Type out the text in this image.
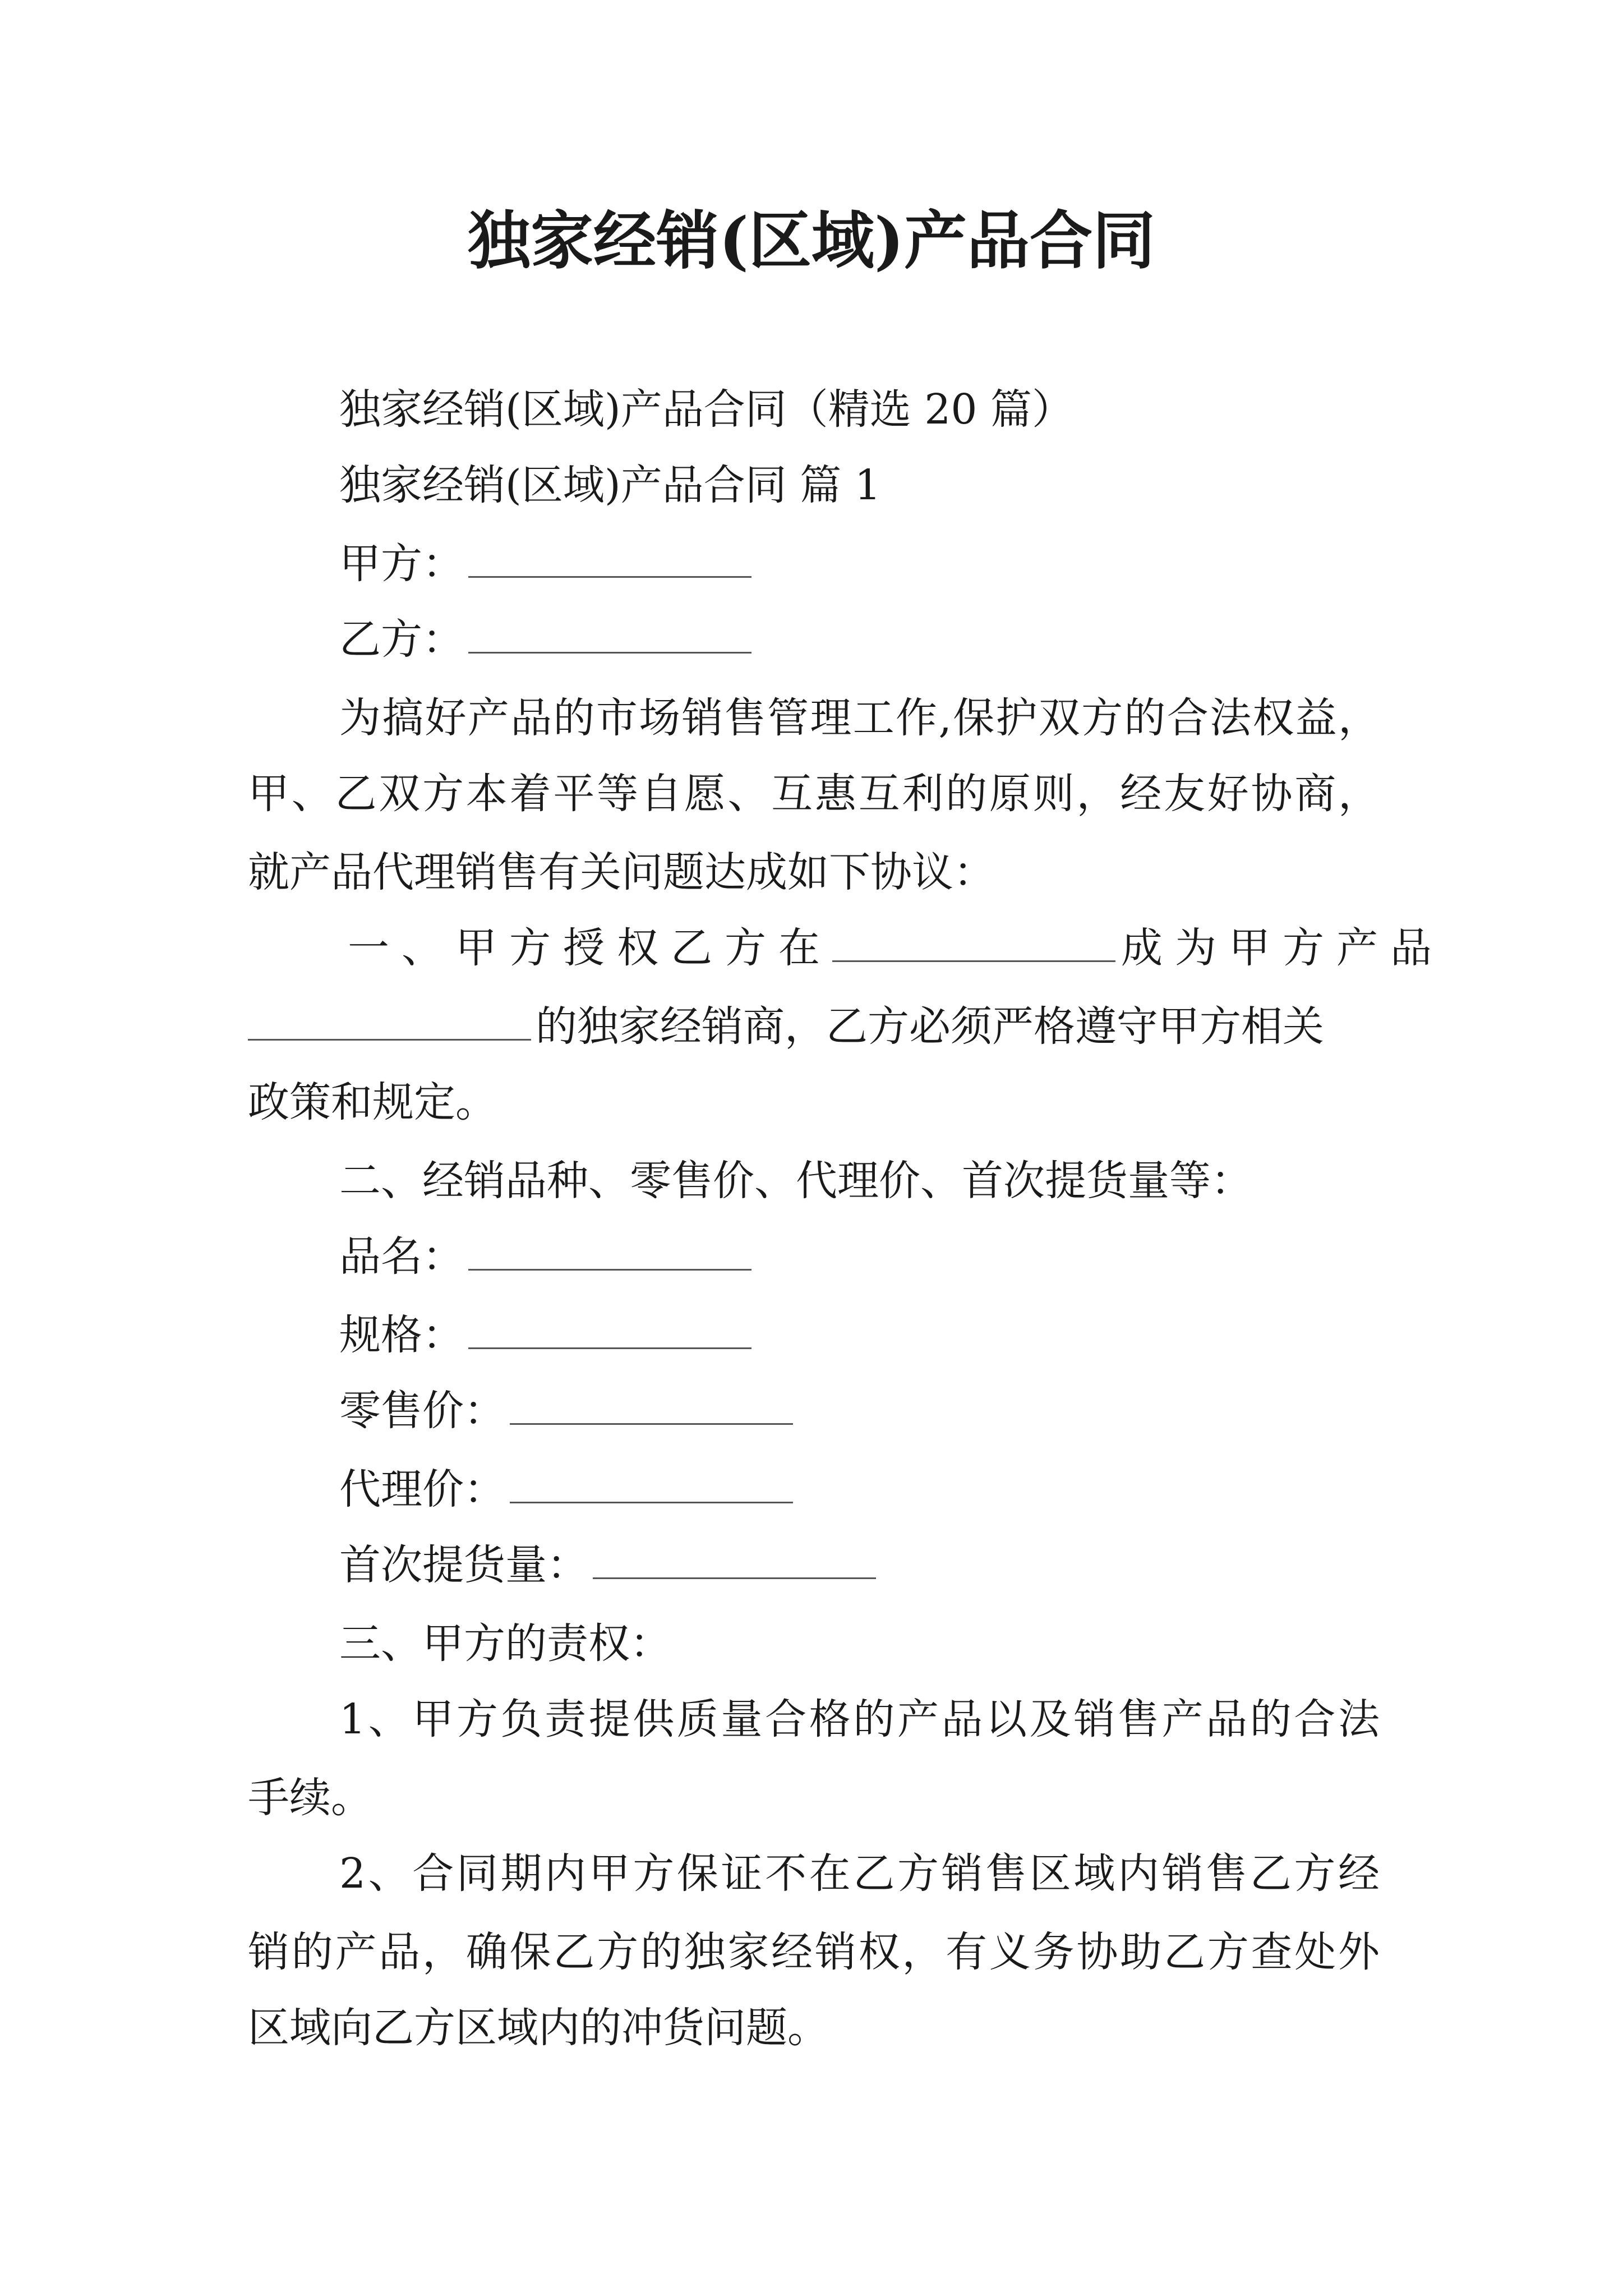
独家经销(区域)产品合同
独家经销(区域)产品合同（精选 20 篇）
独家经销(区域)产品合同 篇 1
甲方：
乙方：
为搞好产品的市场销售管理工作,保护双方的合法权益，
甲、乙双方本着平等自愿、互惠互利的原则，经友好协商，
就产品代理销售有关问题达成如下协议：
一、甲方授权乙方在	成为甲方产品
的独家经销商，乙方必须严格遵守甲方相关
政策和规定。
二、经销品种、零售价、代理价、首次提货量等：
品名：
规格：
零售价：
代理价：
首次提货量：
三、甲方的责权：
1、甲方负责提供质量合格的产品以及销售产品的合法
手续。
2、合同期内甲方保证不在乙方销售区域内销售乙方经
销的产品，确保乙方的独家经销权，有义务协助乙方查处外
区域向乙方区域内的冲货问题。
